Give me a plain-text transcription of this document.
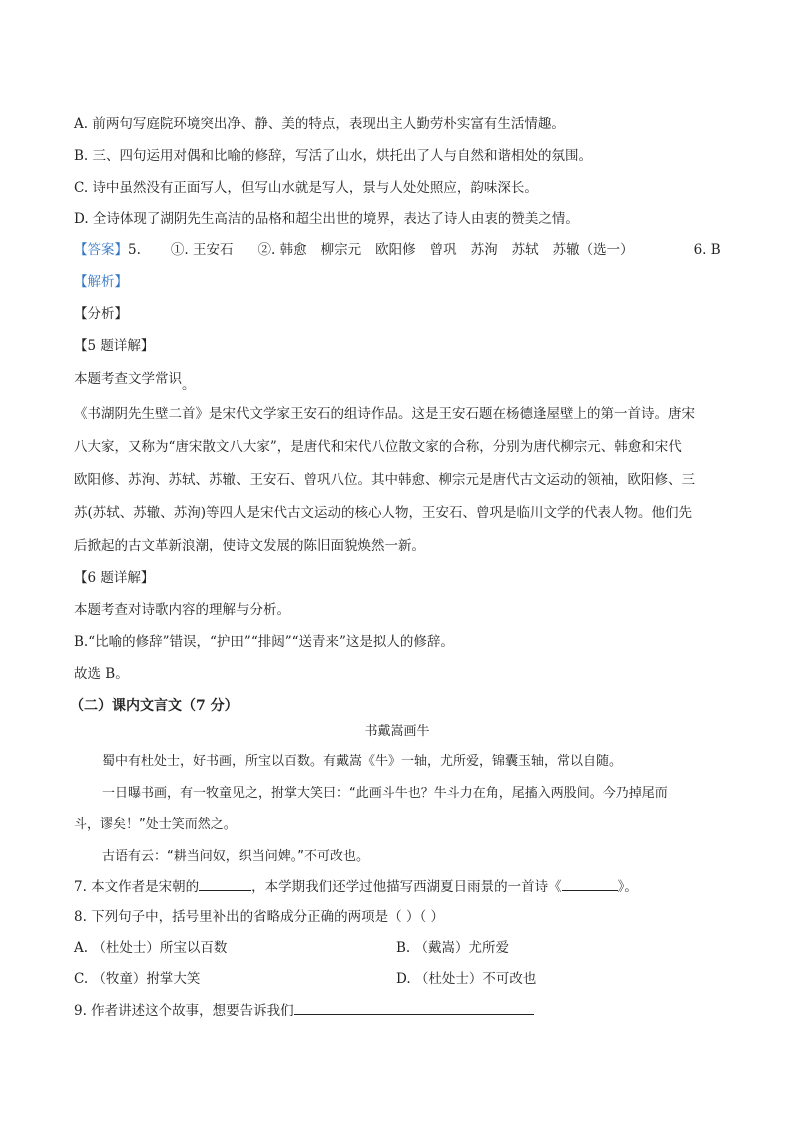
A. 前两句写庭院环境突出净、静、美的特点，表现出主人勤劳朴实富有生活情趣。
B. 三、四句运用对偶和比喻的修辞，写活了山水，烘托出了人与自然和谐相处的氛围。
C. 诗中虽然没有正面写人，但写山水就是写人，景与人处处照应，韵味深长。
D. 全诗体现了湖阴先生高洁的品格和超尘出世的境界，表达了诗人由衷的赞美之情。
【答案】5. ①. 王安石 ②. 韩愈 柳宗元 欧阳修 曾巩 苏洵 苏轼 苏辙（选一）	6. B
【解析】
【分析】
【5 题详解】
本题考查文学常识。
《书湖阴先生壁二首》是宋代文学家王安石的组诗作品。这是王安石题在杨德逢屋壁上的第一首诗。唐宋
八大家，又称为“唐宋散文八大家”，是唐代和宋代八位散文家的合称，分别为唐代柳宗元、韩愈和宋代
欧阳修、苏洵、苏轼、苏辙、王安石、曾巩八位。其中韩愈、柳宗元是唐代古文运动的领袖，欧阳修、三
苏(苏轼、苏辙、苏洵)等四人是宋代古文运动的核心人物，王安石、曾巩是临川文学的代表人物。他们先
后掀起的古文革新浪潮，使诗文发展的陈旧面貌焕然一新。
【6 题详解】
本题考查对诗歌内容的理解与分析。
B.“比喻的修辞”错误，“护田”“排闼”“送青来”这是拟人的修辞。
故选 B。
（二）课内文言文（7 分）
书戴嵩画牛
蜀中有杜处士，好书画，所宝以百数。有戴嵩《牛》一轴，尤所爱，锦囊玉轴，常以自随。
一日曝书画，有一牧童见之，拊掌大笑曰：“此画斗牛也？牛斗力在角，尾搐入两股间。今乃掉尾而
斗，谬矣！”处士笑而然之。
古语有云：“耕当问奴，织当问婢。”不可改也。
7. 本文作者是宋朝的	，本学期我们还学过他描写西湖夏日雨景的一首诗《	》。
8. 下列句子中，括号里补出的省略成分正确的两项是（ ）（ ）
A. （杜处士）所宝以百数	B. （戴嵩）尤所爱
C. （牧童）拊掌大笑	D. （杜处士）不可改也
9. 作者讲述这个故事，想要告诉我们
